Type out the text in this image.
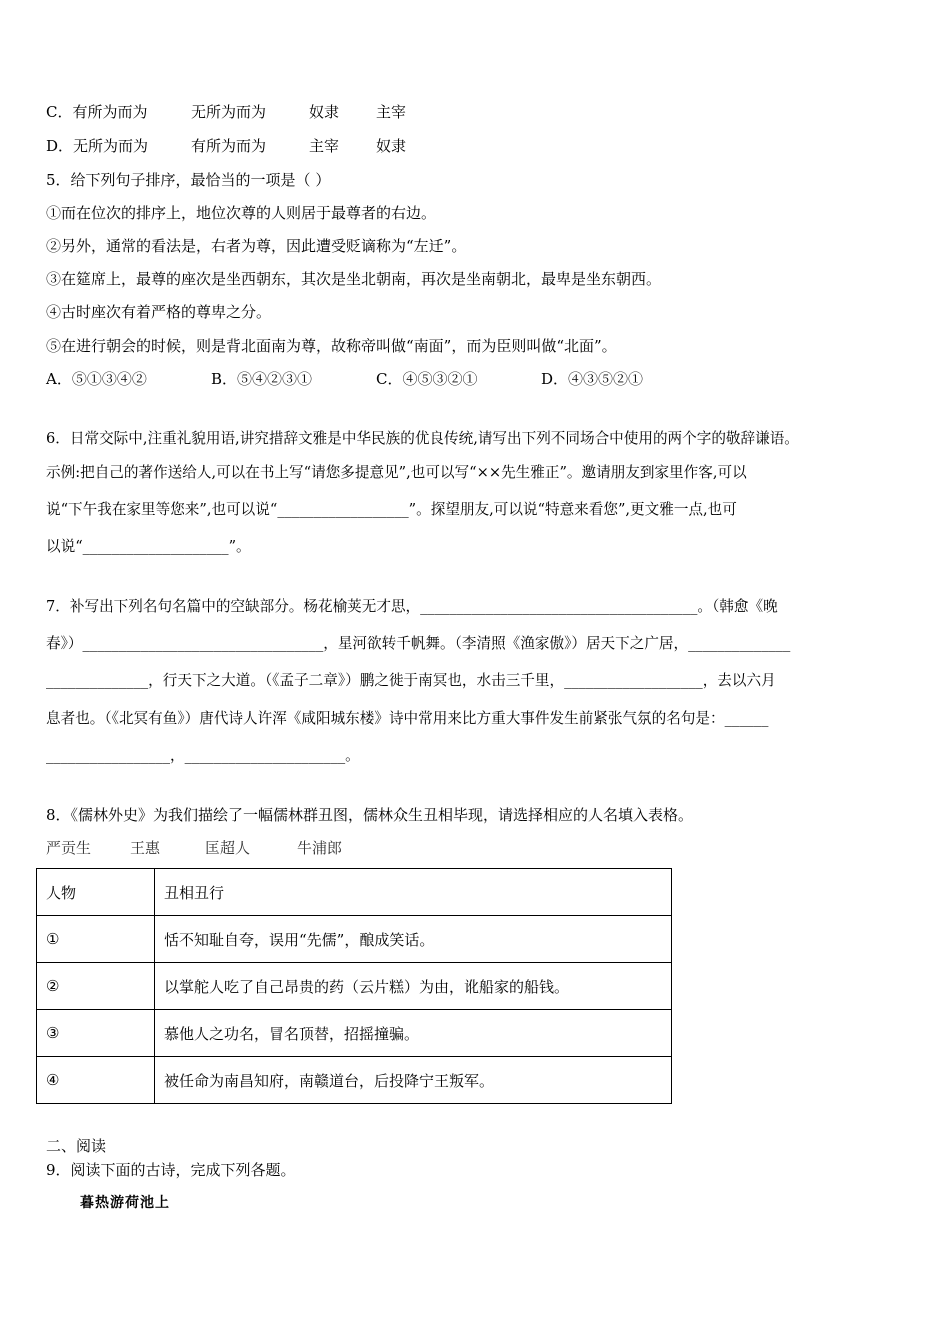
C．有所为而为	无所为而为	奴隶 主宰
D．无所为而为	有所为而为	主宰 奴隶
5．给下列句子排序，最恰当的一项是（ ）
①而在位次的排序上，地位次尊的人则居于最尊者的右边。
②另外，通常的看法是，右者为尊，因此遭受贬谪称为“左迁”。
③在筵席上，最尊的座次是坐西朝东，其次是坐北朝南，再次是坐南朝北，最卑是坐东朝西。
④古时座次有着严格的尊卑之分。
⑤在进行朝会的时候，则是背北面南为尊，故称帝叫做“南面”，而为臣则叫做“北面”。
A．⑤①③④②	B．⑤④②③①	C．④⑤③②①	D．④③⑤②①
6．日常交际中,注重礼貌用语,讲究措辞文雅是中华民族的优良传统,请写出下列不同场合中使用的两个字的敬辞谦语。
示例:把自己的著作送给人,可以在书上写“请您多提意见”,也可以写“××先生雅正”。邀请朋友到家里作客,可以
说“下午我在家里等您来”,也可以说“__________________”。探望朋友,可以说“特意来看您”,更文雅一点,也可
以说“____________________”。
7．补写出下列名句名篇中的空缺部分。杨花榆荚无才思，______________________________________。（韩愈《晚
春》）_________________________________，星河欲转千帆舞。（李清照《渔家傲》）居天下之广居，______________
______________，行天下之大道。（《孟子二章》）鹏之徙于南冥也，水击三千里，___________________，去以六月
息者也。（《北冥有鱼》）唐代诗人许浑《咸阳城东楼》诗中常用来比方重大事件发生前紧张气氛的名句是：______
_________________，______________________。
8．《儒林外史》为我们描绘了一幅儒林群丑图，儒林众生丑相毕现，请选择相应的人名填入表格。
严贡生	王惠	匡超人	牛浦郎
人物	丑相丑行
①	恬不知耻自夸，误用“先儒”，酿成笑话。
②	以掌舵人吃了自己昂贵的药（云片糕）为由，讹船家的船钱。
③	慕他人之功名，冒名顶替，招摇撞骗。
④	被任命为南昌知府，南赣道台，后投降宁王叛军。
二、阅读
9．阅读下面的古诗，完成下列各题。
暮热游荷池上
